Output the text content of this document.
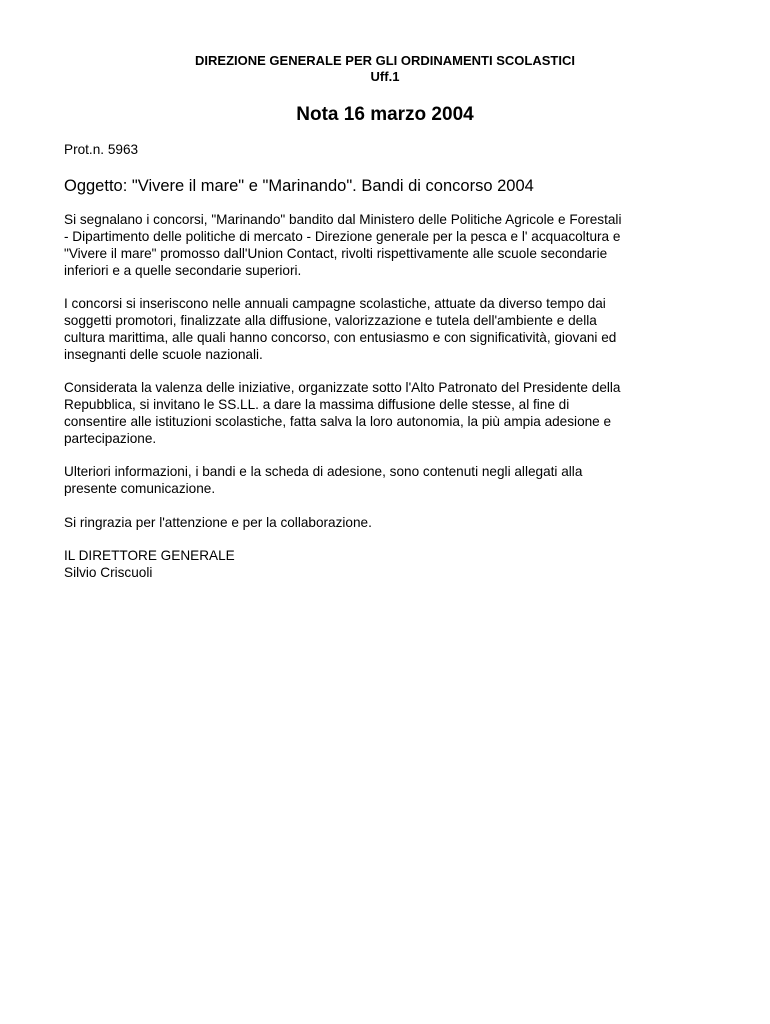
DIREZIONE GENERALE PER GLI ORDINAMENTI SCOLASTICI
Uff.1
Nota 16 marzo 2004
Prot.n. 5963
Oggetto: "Vivere il mare" e "Marinando". Bandi di concorso 2004
Si segnalano i concorsi, "Marinando" bandito dal Ministero delle Politiche Agricole e Forestali
- Dipartimento delle politiche di mercato - Direzione generale per la pesca e l' acquacoltura e
"Vivere il mare" promosso dall'Union Contact, rivolti rispettivamente alle scuole secondarie
inferiori e a quelle secondarie superiori.
I concorsi si inseriscono nelle annuali campagne scolastiche, attuate da diverso tempo dai
soggetti promotori, finalizzate alla diffusione, valorizzazione e tutela dell'ambiente e della
cultura marittima, alle quali hanno concorso, con entusiasmo e con significatività, giovani ed
insegnanti delle scuole nazionali.
Considerata la valenza delle iniziative, organizzate sotto l'Alto Patronato del Presidente della
Repubblica, si invitano le SS.LL. a dare la massima diffusione delle stesse, al fine di
consentire alle istituzioni scolastiche, fatta salva la loro autonomia, la più ampia adesione e
partecipazione.
Ulteriori informazioni, i bandi e la scheda di adesione, sono contenuti negli allegati alla
presente comunicazione.
Si ringrazia per l'attenzione e per la collaborazione.
IL DIRETTORE GENERALE
Silvio Criscuoli
